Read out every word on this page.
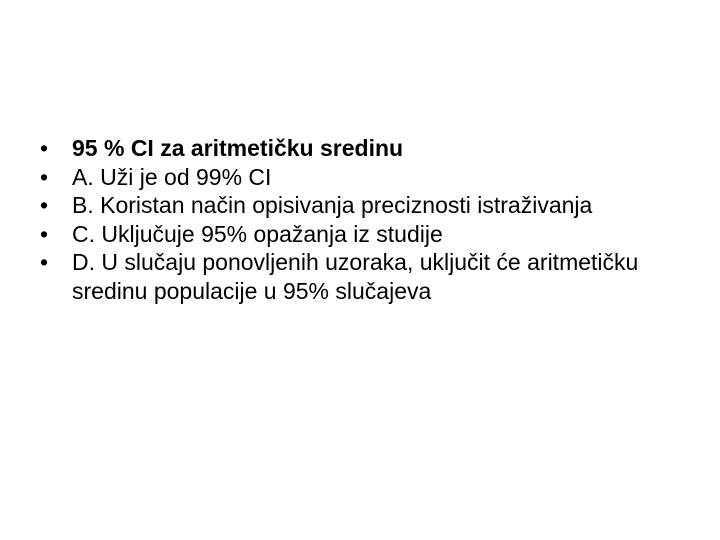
• 95 % CI za aritmetičku sredinu
• A. Uži je od 99% CI
• B. Koristan način opisivanja preciznosti istraživanja
• C. Uključuje 95% opažanja iz studije
• D. U slučaju ponovljenih uzoraka, uključit će aritmetičku sredinu populacije u 95% slučajeva
